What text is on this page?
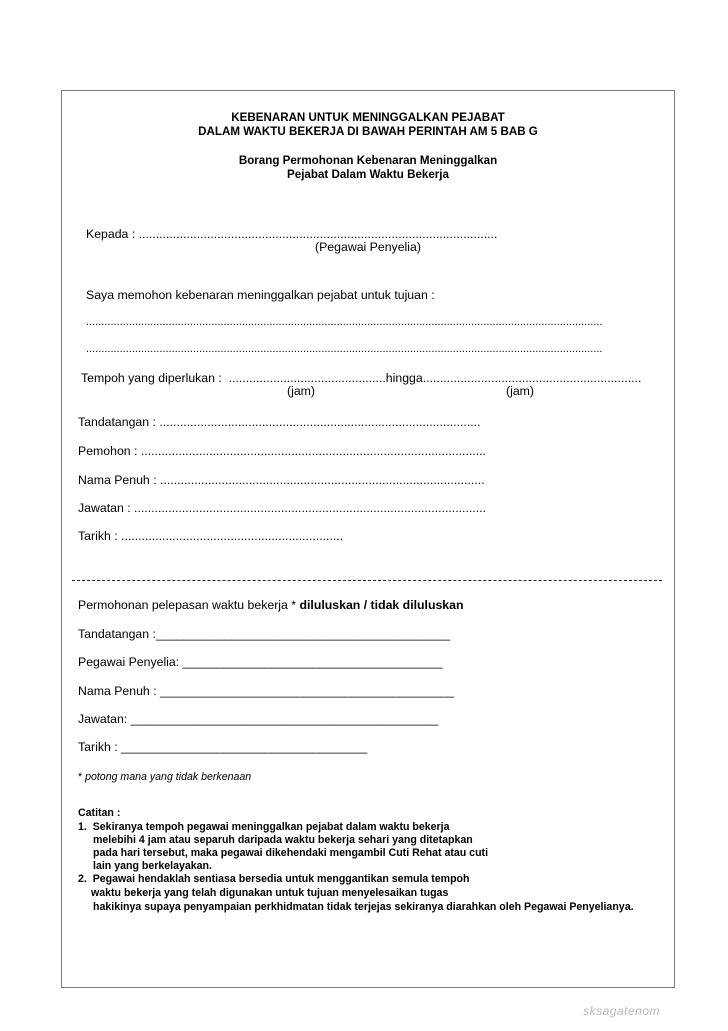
KEBENARAN UNTUK MENINGGALKAN PEJABAT
DALAM WAKTU BEKERJA DI BAWAH PERINTAH AM 5 BAB G
Borang Permohonan Kebenaran Meninggalkan
Pejabat Dalam Waktu Bekerja
Kepada : .........................................................................................................
(Pegawai Penyelia)
Saya memohon kebenaran meninggalkan pejabat untuk tujuan :
.........................................................................................................................................................................
.........................................................................................................................................................................
Tempoh yang diperlukan :  ..............................................hingga................................................................
(jam)	(jam)
Tandatangan : ..............................................................................................
Pemohon : .....................................................................................................
Nama Penuh : ...............................................................................................
Jawatan : .......................................................................................................
Tarikh : .................................................................
Permohonan pelepasan waktu bekerja * diluluskan / tidak diluluskan
Tandatangan :___________________________________________
Pegawai Penyelia: ______________________________________
Nama Penuh : ___________________________________________
Jawatan: _____________________________________________
Tarikh : ____________________________________
* potong mana yang tidak berkenaan
Catitan :
1.  Sekiranya tempoh pegawai meninggalkan pejabat dalam waktu bekerja
melebihi 4 jam atau separuh daripada waktu bekerja sehari yang ditetapkan
pada hari tersebut, maka pegawai dikehendaki mengambil Cuti Rehat atau cuti
lain yang berkelayakan.
2.  Pegawai hendaklah sentiasa bersedia untuk menggantikan semula tempoh
waktu bekerja yang telah digunakan untuk tujuan menyelesaikan tugas
hakikinya supaya penyampaian perkhidmatan tidak terjejas sekiranya diarahkan oleh Pegawai Penyelianya.
sksagatenom
